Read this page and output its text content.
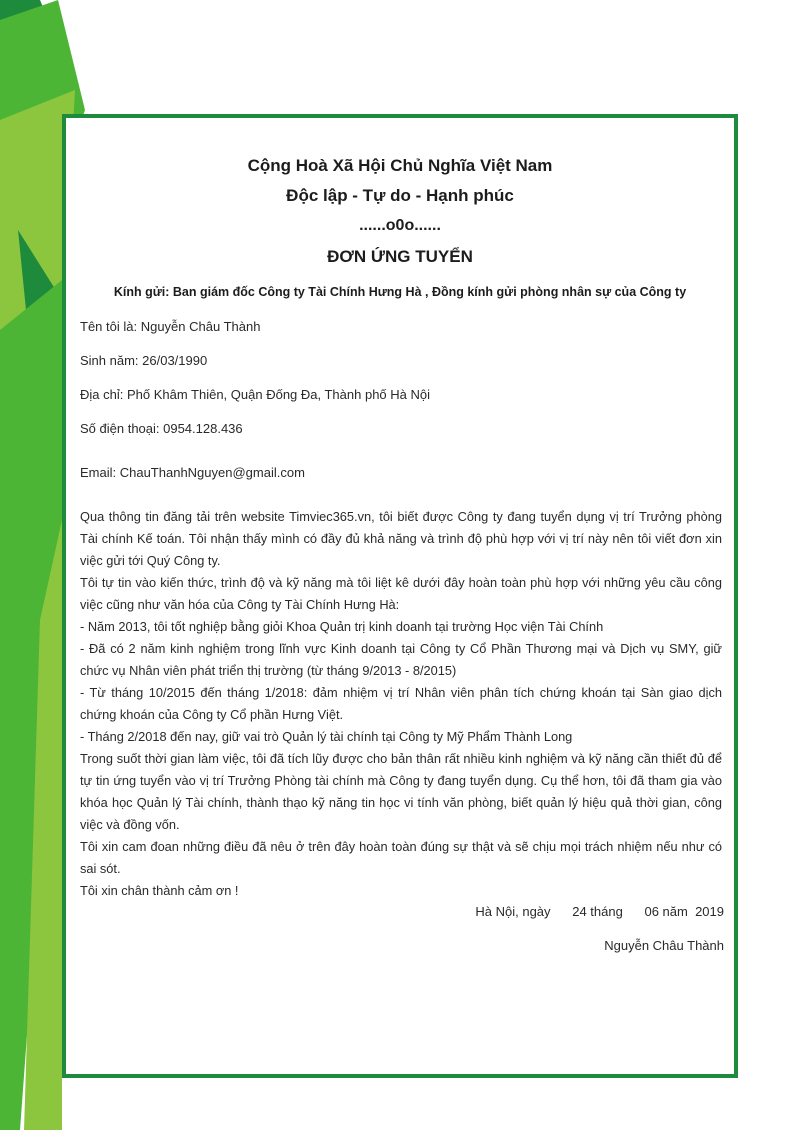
Cộng Hoà Xã Hội Chủ Nghĩa Việt Nam
Độc lập - Tự do - Hạnh phúc
......o0o......
ĐƠN ỨNG TUYỂN
Kính gửi: Ban giám đốc Công ty Tài Chính Hưng Hà , Đồng kính gửi phòng nhân sự của Công ty
Tên tôi là: Nguyễn Châu Thành
Sinh năm: 26/03/1990
Địa chỉ: Phố Khâm Thiên, Quận Đống Đa, Thành phố Hà Nội
Số điện thoại: 0954.128.436
Email: ChauThanhNguyen@gmail.com

Qua thông tin đăng tải trên website Timviec365.vn, tôi biết được Công ty đang tuyển dụng vị trí Trưởng phòng Tài chính Kế toán. Tôi nhận thấy mình có đầy đủ khả năng và trình độ phù hợp với vị trí này nên tôi viết đơn xin việc gửi tới Quý Công ty.

Tôi tự tin vào kiến thức, trình độ và kỹ năng mà tôi liệt kê dưới đây hoàn toàn phù hợp với những yêu cầu công việc cũng như văn hóa của Công ty Tài Chính Hưng Hà:

- Năm 2013, tôi tốt nghiệp bằng giỏi Khoa Quản trị kinh doanh tại trường Học viện Tài Chính

- Đã có 2 năm kinh nghiệm trong lĩnh vực Kinh doanh tại Công ty Cổ Phần Thương mại và Dịch vụ SMY, giữ chức vụ Nhân viên phát triển thị trường (từ tháng 9/2013 - 8/2015)

- Từ tháng 10/2015 đến tháng 1/2018: đảm nhiệm vị trí Nhân viên phân tích chứng khoán tại Sàn giao dịch chứng khoán của Công ty Cổ phần Hưng Việt.

- Tháng 2/2018 đến nay, giữ vai trò Quản lý tài chính tại Công ty Mỹ Phẩm Thành Long

Trong suốt thời gian làm việc, tôi đã tích lũy được cho bản thân rất nhiều kinh nghiệm và kỹ năng cần thiết đủ để tự tin ứng tuyển vào vị trí Trưởng Phòng tài chính mà Công ty đang tuyển dụng. Cụ thể hơn, tôi đã tham gia vào khóa học Quản lý Tài chính, thành thạo kỹ năng tin học vi tính văn phòng, biết quản lý hiệu quả thời gian, công việc và đồng vốn.

Tôi xin cam đoan những điều đã nêu ở trên đây hoàn toàn đúng sự thật và sẽ chịu mọi trách nhiệm nếu như có sai sót.

Tôi xin chân thành cảm ơn !

Hà Nội, ngày      24 tháng      06 năm  2019
Nguyễn Châu Thành
